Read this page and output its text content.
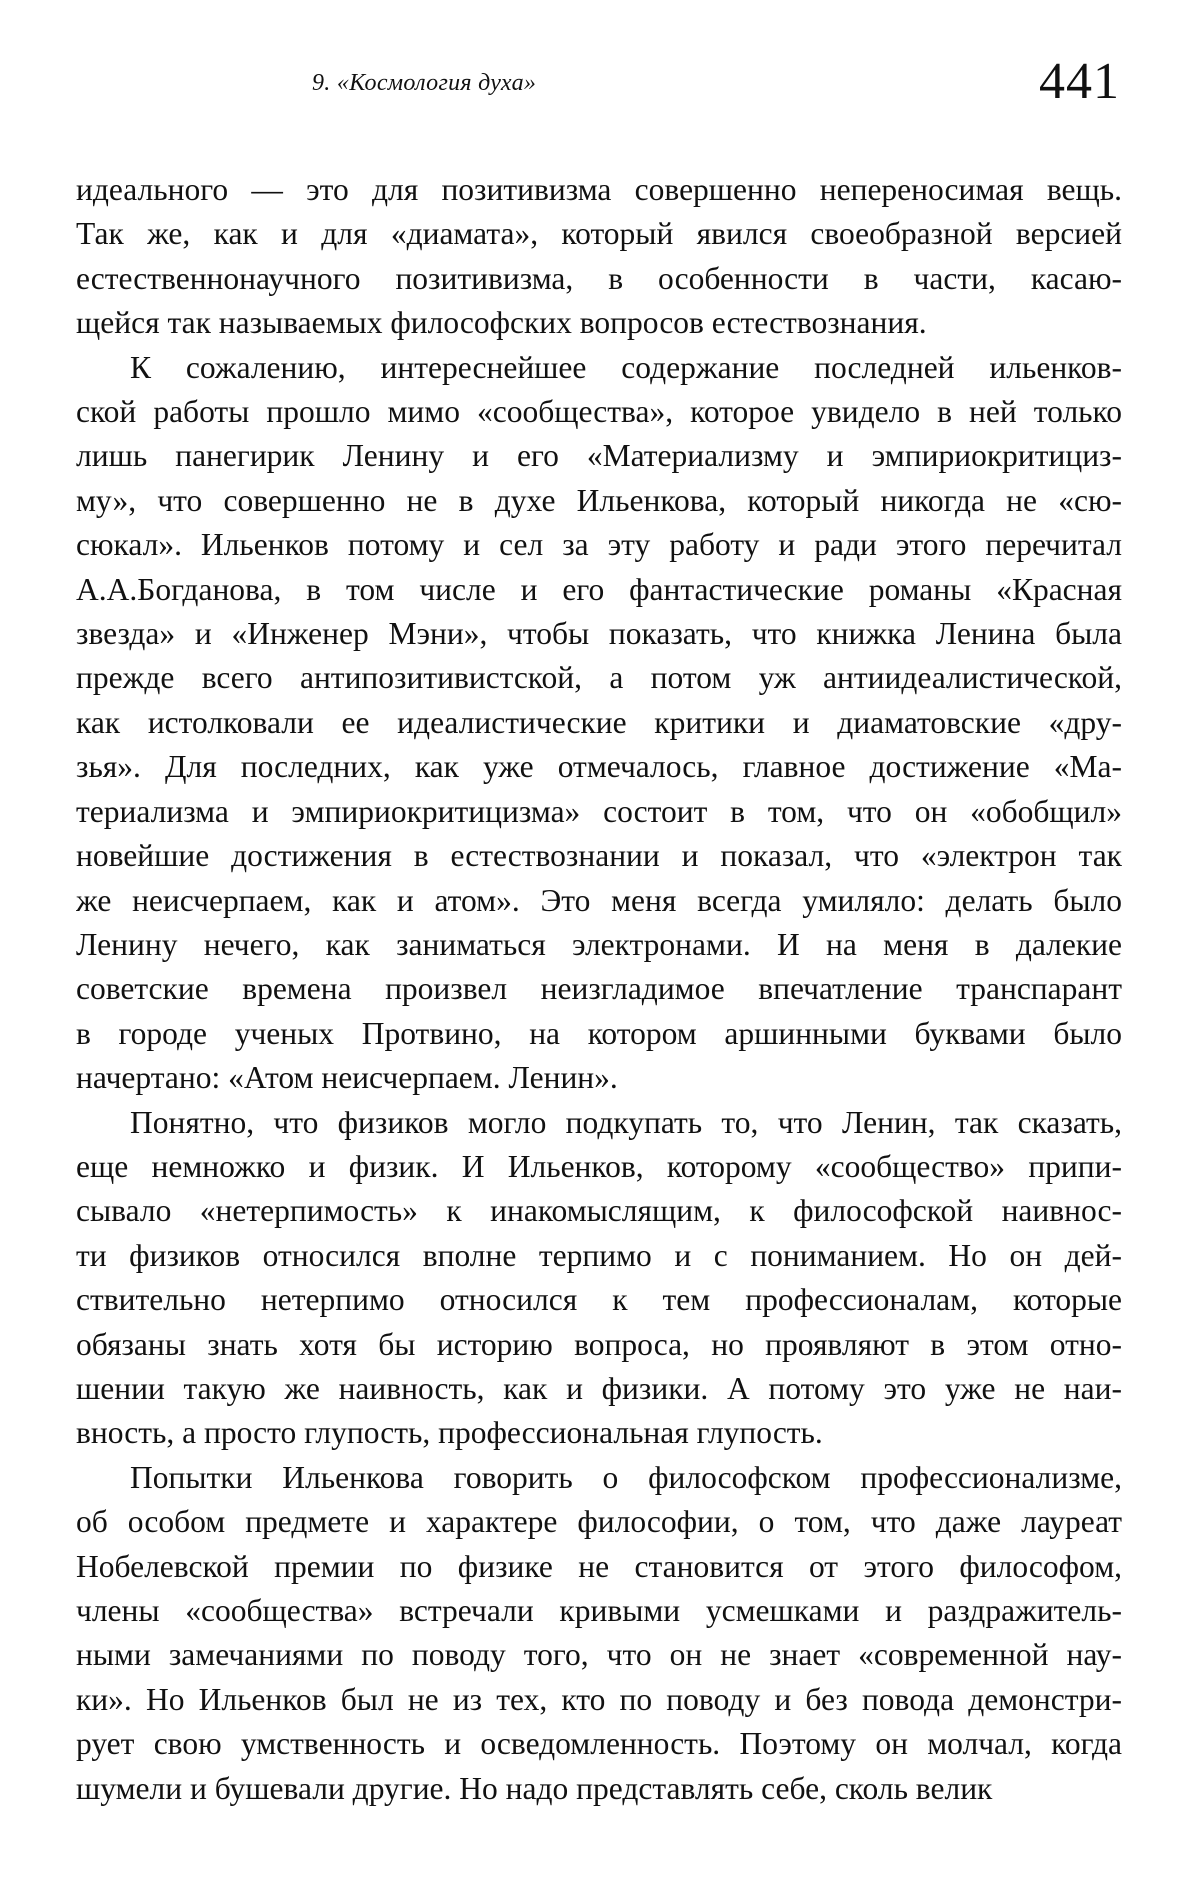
9. «Космология духа»	441

идеального — это для позитивизма совершенно непереносимая вещь.
Так же, как и для «диамата», который явился своеобразной версией
естественнонаучного позитивизма, в особенности в части, касаю-
щейся так называемых философских вопросов естествознания.

К сожалению, интереснейшее содержание последней ильенков-
ской работы прошло мимо «сообщества», которое увидело в ней только
лишь панегирик Ленину и его «Материализму и эмпириокритициз-
му», что совершенно не в духе Ильенкова, который никогда не «сю-
сюкал». Ильенков потому и сел за эту работу и ради этого перечитал
А.А.Богданова, в том числе и его фантастические романы «Красная
звезда» и «Инженер Мэни», чтобы показать, что книжка Ленина была
прежде всего антипозитивистской, а потом уж антиидеалистической,
как истолковали ее идеалистические критики и диаматовские «дру-
зья». Для последних, как уже отмечалось, главное достижение «Ма-
териализма и эмпириокритицизма» состоит в том, что он «обобщил»
новейшие достижения в естествознании и показал, что «электрон так
же неисчерпаем, как и атом». Это меня всегда умиляло: делать было
Ленину нечего, как заниматься электронами. И на меня в далекие
советские времена произвел неизгладимое впечатление транспарант
в городе ученых Протвино, на котором аршинными буквами было
начертано: «Атом неисчерпаем. Ленин».

Понятно, что физиков могло подкупать то, что Ленин, так сказать,
еще немножко и физик. И Ильенков, которому «сообщество» припи-
сывало «нетерпимость» к инакомыслящим, к философской наивнос-
ти физиков относился вполне терпимо и с пониманием. Но он дей-
ствительно нетерпимо относился к тем профессионалам, которые
обязаны знать хотя бы историю вопроса, но проявляют в этом отно-
шении такую же наивность, как и физики. А потому это уже не наи-
вность, а просто глупость, профессиональная глупость.

Попытки Ильенкова говорить о философском профессионализме,
об особом предмете и характере философии, о том, что даже лауреат
Нобелевской премии по физике не становится от этого философом,
члены «сообщества» встречали кривыми усмешками и раздражитель-
ными замечаниями по поводу того, что он не знает «современной нау-
ки». Но Ильенков был не из тех, кто по поводу и без повода демонстри-
рует свою умственность и осведомленность. Поэтому он молчал, когда
шумели и бушевали другие. Но надо представлять себе, сколь велик
